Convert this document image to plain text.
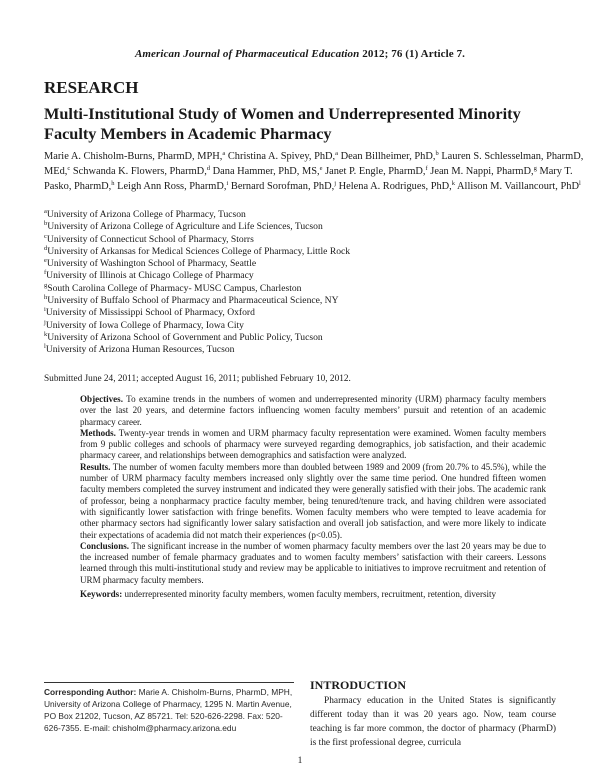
American Journal of Pharmaceutical Education 2012; 76 (1) Article 7.
RESEARCH
Multi-Institutional Study of Women and Underrepresented Minority Faculty Members in Academic Pharmacy
Marie A. Chisholm-Burns, PharmD, MPH,$^a$ Christina A. Spivey, PhD,$^a$ Dean Billheimer, PhD,$^b$ Lauren S. Schlesselman, PharmD, MEd,$^c$ Schwanda K. Flowers, PharmD,$^d$ Dana Hammer, PhD, MS,$^e$ Janet P. Engle, PharmD,$^f$ Jean M. Nappi, PharmD,$^g$ Mary T. Pasko, PharmD,$^h$ Leigh Ann Ross, PharmD,$^i$ Bernard Sorofman, PhD,$^j$ Helena A. Rodrigues, PhD,$^k$ Allison M. Vaillancourt, PhD$^l$
$^a$University of Arizona College of Pharmacy, Tucson
$^b$University of Arizona College of Agriculture and Life Sciences, Tucson
$^c$University of Connecticut School of Pharmacy, Storrs
$^d$University of Arkansas for Medical Sciences College of Pharmacy, Little Rock
$^e$University of Washington School of Pharmacy, Seattle
$^f$University of Illinois at Chicago College of Pharmacy
$^g$South Carolina College of Pharmacy- MUSC Campus, Charleston
$^h$University of Buffalo School of Pharmacy and Pharmaceutical Science, NY
$^i$University of Mississippi School of Pharmacy, Oxford
$^j$University of Iowa College of Pharmacy, Iowa City
$^k$University of Arizona School of Government and Public Policy, Tucson
$^l$University of Arizona Human Resources, Tucson
Submitted June 24, 2011; accepted August 16, 2011; published February 10, 2012.

Objectives. To examine trends in the numbers of women and underrepresented minority (URM) pharmacy faculty members over the last 20 years, and determine factors influencing women faculty members’ pursuit and retention of an academic pharmacy career.

Methods. Twenty-year trends in women and URM pharmacy faculty representation were examined. Women faculty members from 9 public colleges and schools of pharmacy were surveyed regarding demographics, job satisfaction, and their academic pharmacy career, and relationships between demographics and satisfaction were analyzed.

Results. The number of women faculty members more than doubled between 1989 and 2009 (from 20.7% to 45.5%), while the number of URM pharmacy faculty members increased only slightly over the same time period. One hundred fifteen women faculty members completed the survey instrument and indicated they were generally satisfied with their jobs. The academic rank of professor, being a nonpharmacy practice faculty member, being tenured/tenure track, and having children were associated with significantly lower satisfaction with fringe benefits. Women faculty members who were tempted to leave academia for other pharmacy sectors had significantly lower salary satisfaction and overall job satisfaction, and were more likely to indicate their expectations of academia did not match their experiences (p<0.05).

Conclusions. The significant increase in the number of women pharmacy faculty members over the last 20 years may be due to the increased number of female pharmacy graduates and to women faculty members’ satisfaction with their careers. Lessons learned through this multi-institutional study and review may be applicable to initiatives to improve recruitment and retention of URM pharmacy faculty members.

Keywords: underrepresented minority faculty members, women faculty members, recruitment, retention, diversity

Corresponding Author: Marie A. Chisholm-Burns, PharmD, MPH, University of Arizona College of Pharmacy, 1295 N. Martin Avenue, PO Box 21202, Tucson, AZ 85721. Tel: 520-626-2298. Fax: 520-626-7355. E-mail: chisholm@pharmacy.arizona.edu
INTRODUCTION

Pharmacy education in the United States is significantly different today than it was 20 years ago. Now, team course teaching is far more common, the doctor of pharmacy (PharmD) is the first professional degree, curricula

1
